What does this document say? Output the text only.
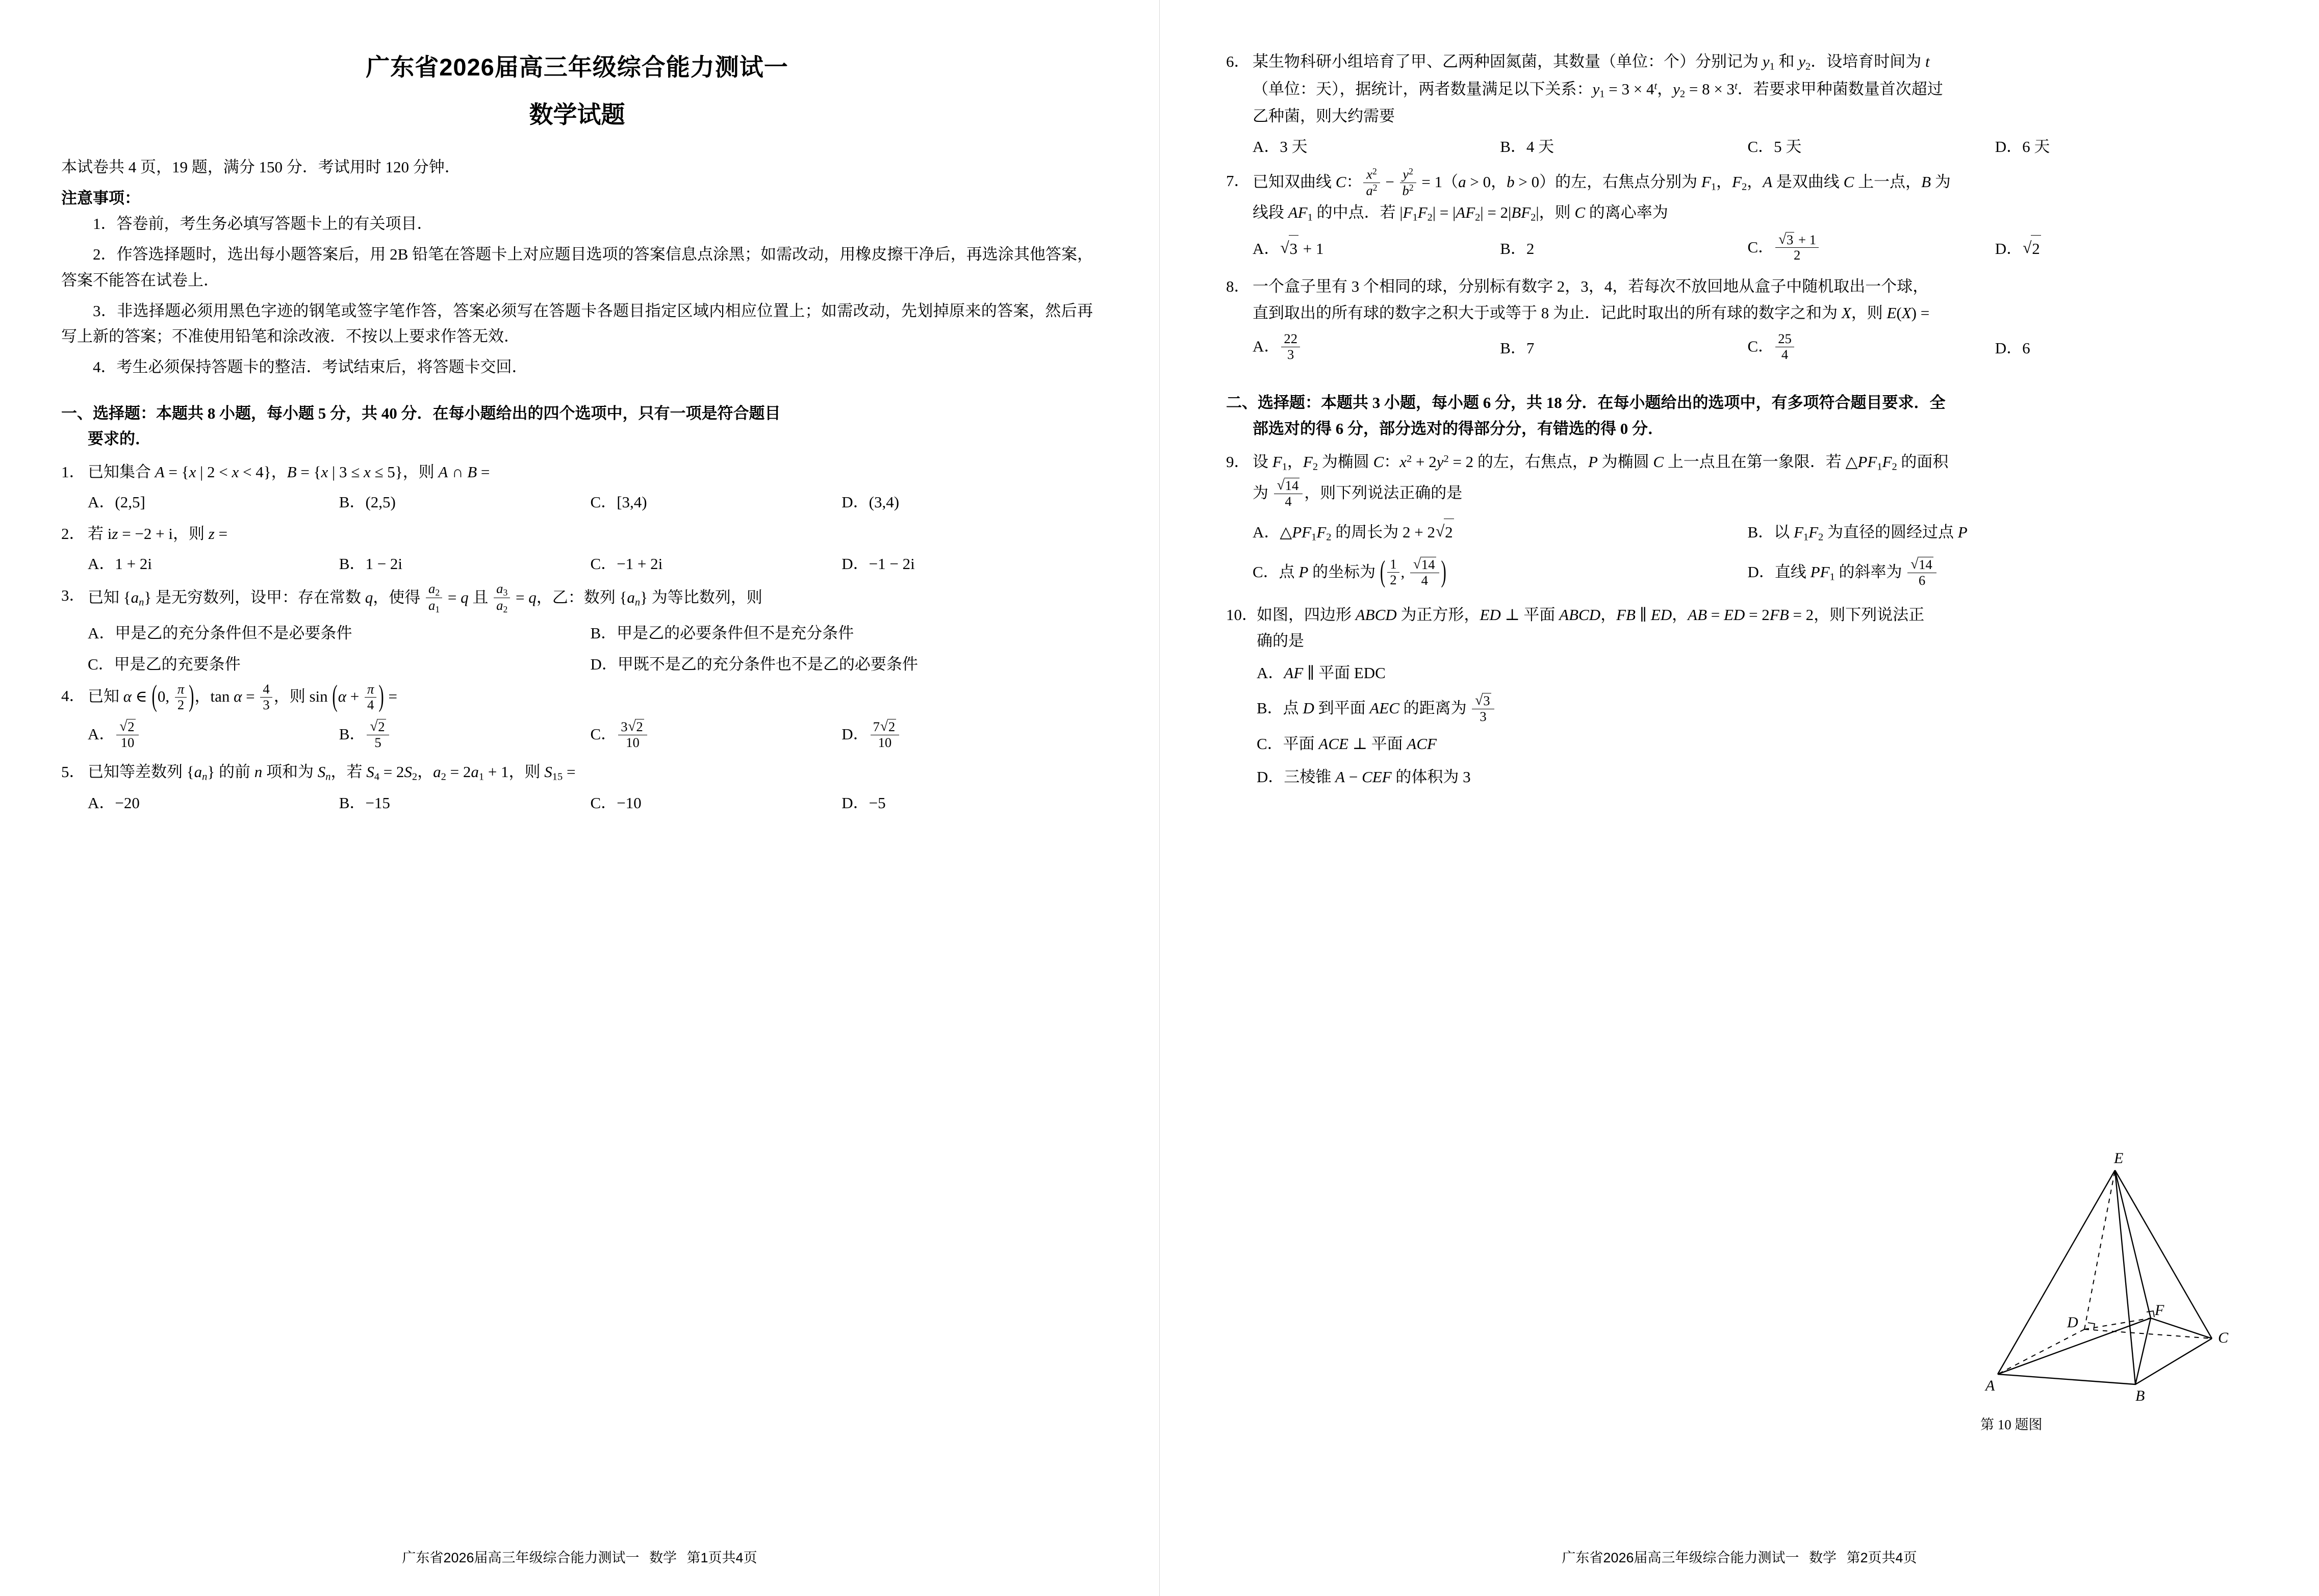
广东省2026届高三年级综合能力测试一
数学试题
本试卷共 4 页，19 题，满分 150 分．考试用时 120 分钟．
注意事项：
1．答卷前，考生务必填写答题卡上的有关项目．
2．作答选择题时，选出每小题答案后，用 2B 铅笔在答题卡上对应题目选项的答案信息点涂黑；如需改动，用橡皮擦干净后，再选涂其他答案，答案不能答在试卷上．
3．非选择题必须用黑色字迹的钢笔或签字笔作答，答案必须写在答题卡各题目指定区域内相应位置上；如需改动，先划掉原来的答案，然后再写上新的答案；不准使用铅笔和涂改液．不按以上要求作答无效．
4．考生必须保持答题卡的整洁．考试结束后，将答题卡交回．
一、选择题：本题共 8 小题，每小题 5 分，共 40 分．在每小题给出的四个选项中，只有一项是符合题目
要求的．
1． 已知集合 A = {x | 2 < x < 4}，B = {x | 3 ≤ x ≤ 5}，则 A ∩ B =
A．(2,5]	B．(2,5)	C．[3,4)	D．(3,4)
2． 若 iz = −2 + i，则 z =
A．1 + 2i	B．1 − 2i	C．−1 + 2i	D．−1 − 2i
3． 已知 $\{a_n\}$ 是无穷数列，设甲：存在常数 q，使得 $\frac{a_2}{a_1} = q$ 且 $\frac{a_3}{a_2} = q$，乙：数列 $\{a_n\}$ 为等比数列，则
A．甲是乙的充分条件但不是必要条件	B．甲是乙的必要条件但不是充分条件
C．甲是乙的充要条件	D．甲既不是乙的充分条件也不是乙的必要条件
4． 已知 α ∈ (0, $\frac{\pi}{2}$ )，$\tan \alpha = \frac{4}{3}$ ，则 $\sin (\alpha + \frac{\pi}{4}$ ) =
A． √ $\frac{2}{10}$	B． √ $\frac{2}{5}$	C． $\frac{3 √ 2}{10}$	D． $\frac{7 √ 2}{10}$
5． 已知等差数列 $\{a_n\}$ 的前 n 项和为 $S_n$，若 $S_4 = 2S_2$，$a_2 = 2a_1 + 1$，则 $S_{15}$ =
A．−20	B．−15	C．−10	D．−5
广东省2026届高三年级综合能力测试一 数学 第1页共4页
6． 某生物科研小组培育了甲、乙两种固氮菌，其数量（单位：个）分别记为 $y_1$ 和 $y_2$．设培育时间为 t
（单位：天），据统计，两者数量满足以下关系：$y_1 = 3 \times 4^t$，$y_2 = 8 \times 3^t$．若要求甲种菌数量首次超过
乙种菌，则大约需要
A．3 天	B．4 天	C．5 天	D．6 天
7． 已知双曲线 C： $\frac{x^2}{a^2} - \frac{y^2}{b^2} = 1(a > 0$，b > 0）的左，右焦点分别为 $F_1$，$F_2$，A 是双曲线 C 上一点，B 为
线段 $AF_1$ 的中点．若 $|F_1F_2| = |AF_2| = 2|BF_2|$，则 C 的离心率为
A． √ 3 + 1	B．2	C． √ $\frac{3 + 1}{2}$	D． √ 2
8． 一个盒子里有 3 个相同的球，分别标有数字 2，3，4，若每次不放回地从盒子中随机取出一个球，
直到取出的所有球的数字之积大于或等于 8 为止．记此时取出的所有球的数字之和为 X，则 E(X) =
A． $\frac{22}{3}$	B．7	C． $\frac{25}{4}$	D．6
二、选择题：本题共 3 小题，每小题 6 分，共 18 分．在每小题给出的选项中，有多项符合题目要求．全
部选对的得 6 分，部分选对的得部分分，有错选的得 0 分．
9． 设 $F_1$，$F_2$ 为椭圆 C：$x^2 + 2y^2 = 2$ 的左，右焦点，P 为椭圆 C 上一点且在第一象限．若 $\triangle PF_1F_2$ 的面积
为 √ $\frac{14}{4}$ ，则下列说法正确的是
A．$\triangle PF_1F_2$ 的周长为 2 + 2 √ 2	B．以 $F_1F_2$ 为直径的圆经过点 P
C．点 P 的坐标为 ( $\frac{1}{2}$ , √ $\frac{14}{4}$ )	D．直线 $PF_1$ 的斜率为 √ $\frac{14}{6}$
10．
如图，四边形 ABCD 为正方形，ED ⊥ 平面 ABCD，FB ∥ ED，AB = ED = 2FB = 2，则下列说法正
确的是
A．AF ∥ 平面 EDC
B．点 D 到平面 AEC 的距离为 √ $\frac{3}{3}$
C．平面 ACE ⊥ 平面 ACF
D．三棱锥 A − CEF 的体积为 3
E
A
B
C
D
F
第 10 题图
广东省2026届高三年级综合能力测试一 数学 第2页共4页
